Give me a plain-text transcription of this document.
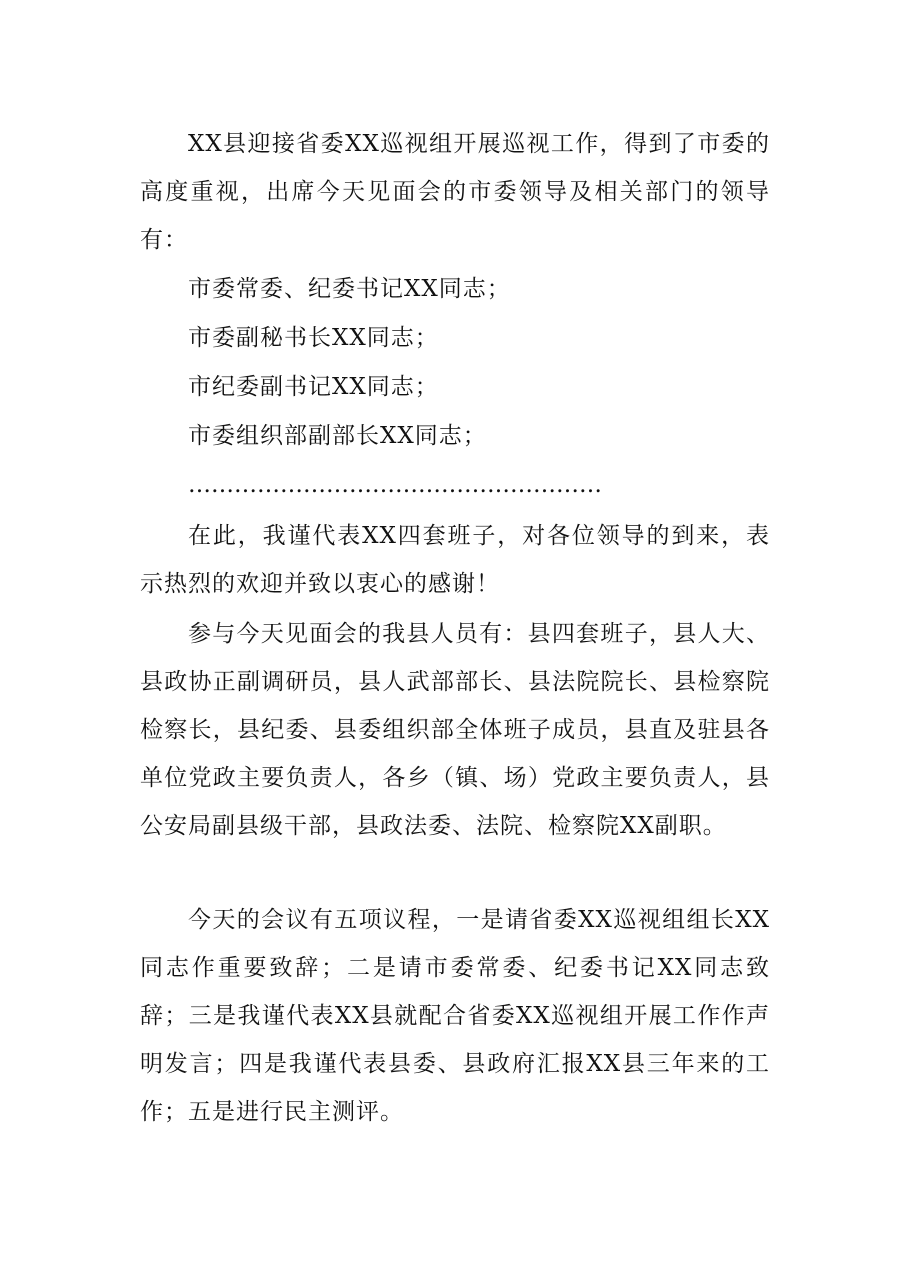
XX县迎接省委XX巡视组开展巡视工作，得到了市委的高度重视，出席今天见面会的市委领导及相关部门的领导有：

市委常委、纪委书记XX同志；

市委副秘书长XX同志；

市纪委副书记XX同志；

市委组织部副部长XX同志；

………………………………………………

在此，我谨代表XX四套班子，对各位领导的到来，表示热烈的欢迎并致以衷心的感谢！

参与今天见面会的我县人员有：县四套班子，县人大、县政协正副调研员，县人武部部长、县法院院长、县检察院检察长，县纪委、县委组织部全体班子成员，县直及驻县各单位党政主要负责人，各乡（镇、场）党政主要负责人，县公安局副县级干部，县政法委、法院、检察院XX副职。

今天的会议有五项议程，一是请省委XX巡视组组长XX同志作重要致辞；二是请市委常委、纪委书记XX同志致辞；三是我谨代表XX县就配合省委XX巡视组开展工作作声明发言；四是我谨代表县委、县政府汇报XX县三年来的工作；五是进行民主测评。
